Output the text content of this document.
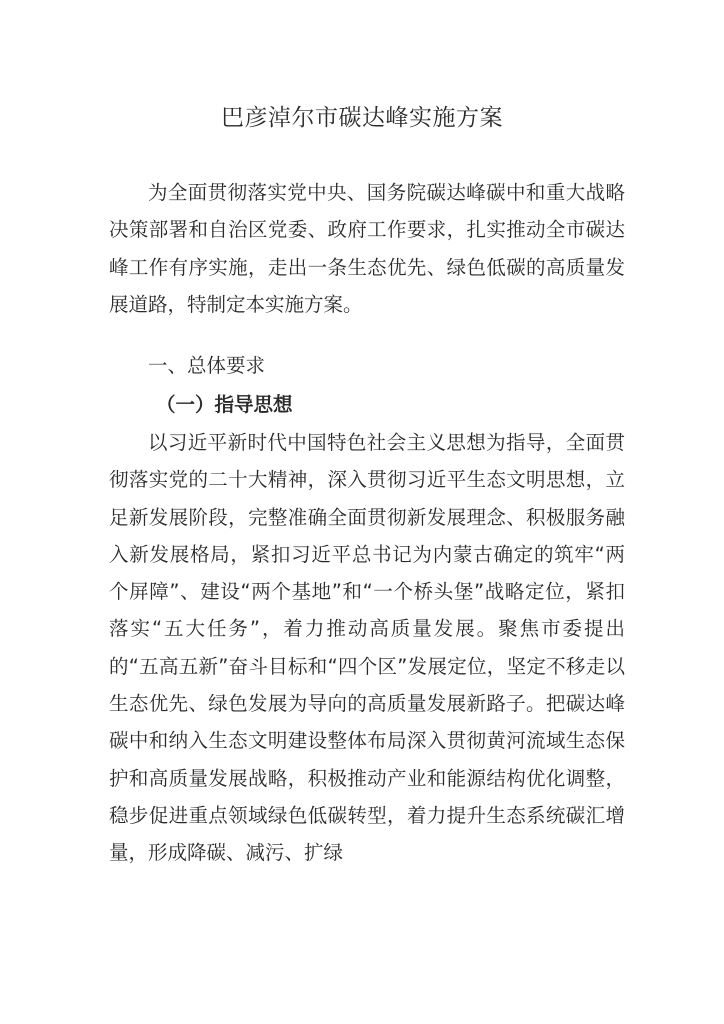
巴彦淖尔市碳达峰实施方案

为全面贯彻落实党中央、国务院碳达峰碳中和重大战略决策部署和自治区党委、政府工作要求，扎实推动全市碳达峰工作有序实施，走出一条生态优先、绿色低碳的高质量发展道路，特制定本实施方案。

一、总体要求
（一）指导思想

以习近平新时代中国特色社会主义思想为指导，全面贯彻落实党的二十大精神，深入贯彻习近平生态文明思想，立足新发展阶段，完整准确全面贯彻新发展理念、积极服务融入新发展格局，紧扣习近平总书记为内蒙古确定的筑牢“两个屏障”、建设“两个基地”和“一个桥头堡”战略定位，紧扣落实“五大任务”，着力推动高质量发展。聚焦市委提出的“五高五新”奋斗目标和“四个区”发展定位，坚定不移走以生态优先、绿色发展为导向的高质量发展新路子。把碳达峰碳中和纳入生态文明建设整体布局深入贯彻黄河流域生态保护和高质量发展战略，积极推动产业和能源结构优化调整，稳步促进重点领域绿色低碳转型，着力提升生态系统碳汇增量，形成降碳、减污、扩绿
